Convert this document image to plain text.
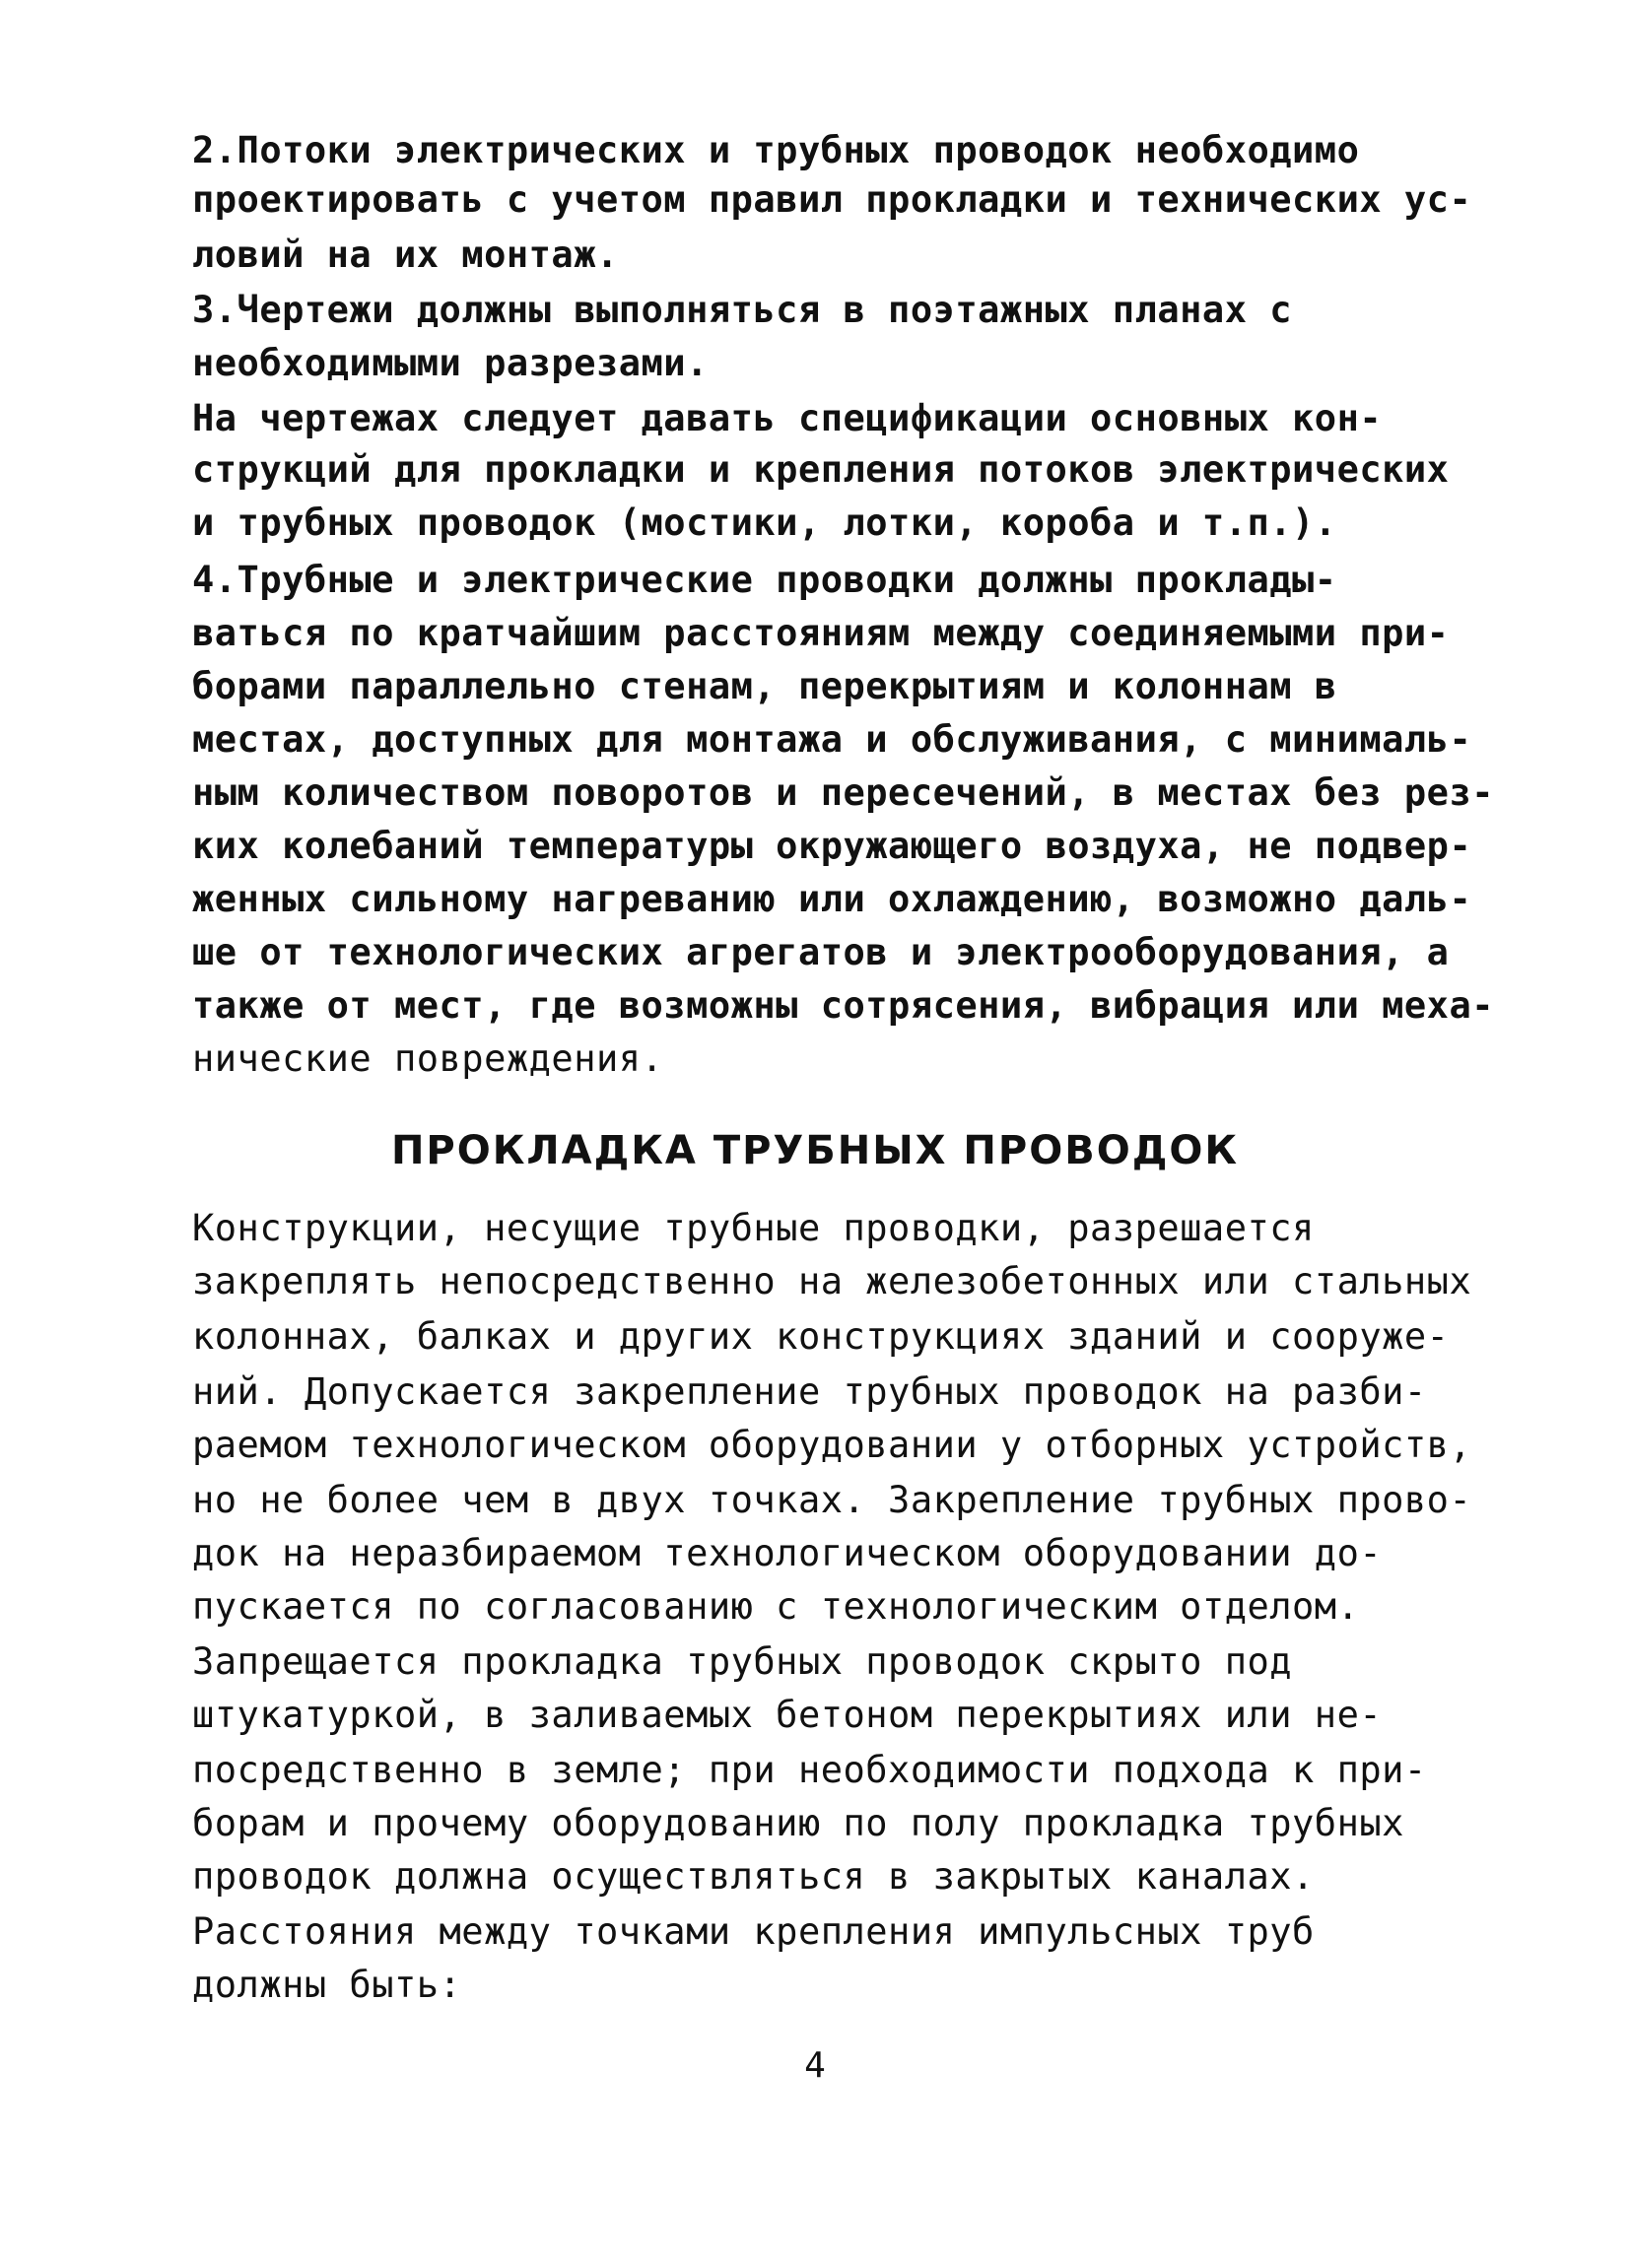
2.Потоки электрических и трубных проводок необходимо
проектировать с учетом правил прокладки и технических ус-
ловий на их монтаж.
3.Чертежи должны выполняться в поэтажных планах с
необходимыми разрезами.
На чертежах следует давать спецификации основных кон-
струкций для прокладки и крепления потоков электрических
и трубных проводок (мостики, лотки, короба и т.п.).
4.Трубные и электрические проводки должны проклады-
ваться по кратчайшим расстояниям между соединяемыми при-
борами параллельно стенам, перекрытиям и колоннам в
местах, доступных для монтажа и обслуживания, с минималь-
ным количеством поворотов и пересечений, в местах без рез-
ких колебаний температуры окружающего воздуха, не подвер-
женных сильному нагреванию или охлаждению, возможно даль-
ше от технологических агрегатов и электрооборудования, а
также от мест, где возможны сотрясения, вибрация или меха-
нические повреждения.
ПРОКЛАДКА ТРУБНЫХ ПРОВОДОК
Конструкции, несущие трубные проводки, разрешается
закреплять непосредственно на железобетонных или стальных
колоннах, балках и других конструкциях зданий и сооруже-
ний. Допускается закрепление трубных проводок на разби-
раемом технологическом оборудовании у отборных устройств,
но не более чем в двух точках. Закрепление трубных прово-
док на неразбираемом технологическом оборудовании до-
пускается по согласованию с технологическим отделом.
Запрещается прокладка трубных проводок скрыто под
штукатуркой, в заливаемых бетоном перекрытиях или не-
посредственно в земле; при необходимости подхода к при-
борам и прочему оборудованию по полу прокладка трубных
проводок должна осуществляться в закрытых каналах.
Расстояния между точками крепления импульсных труб
должны быть:
4
